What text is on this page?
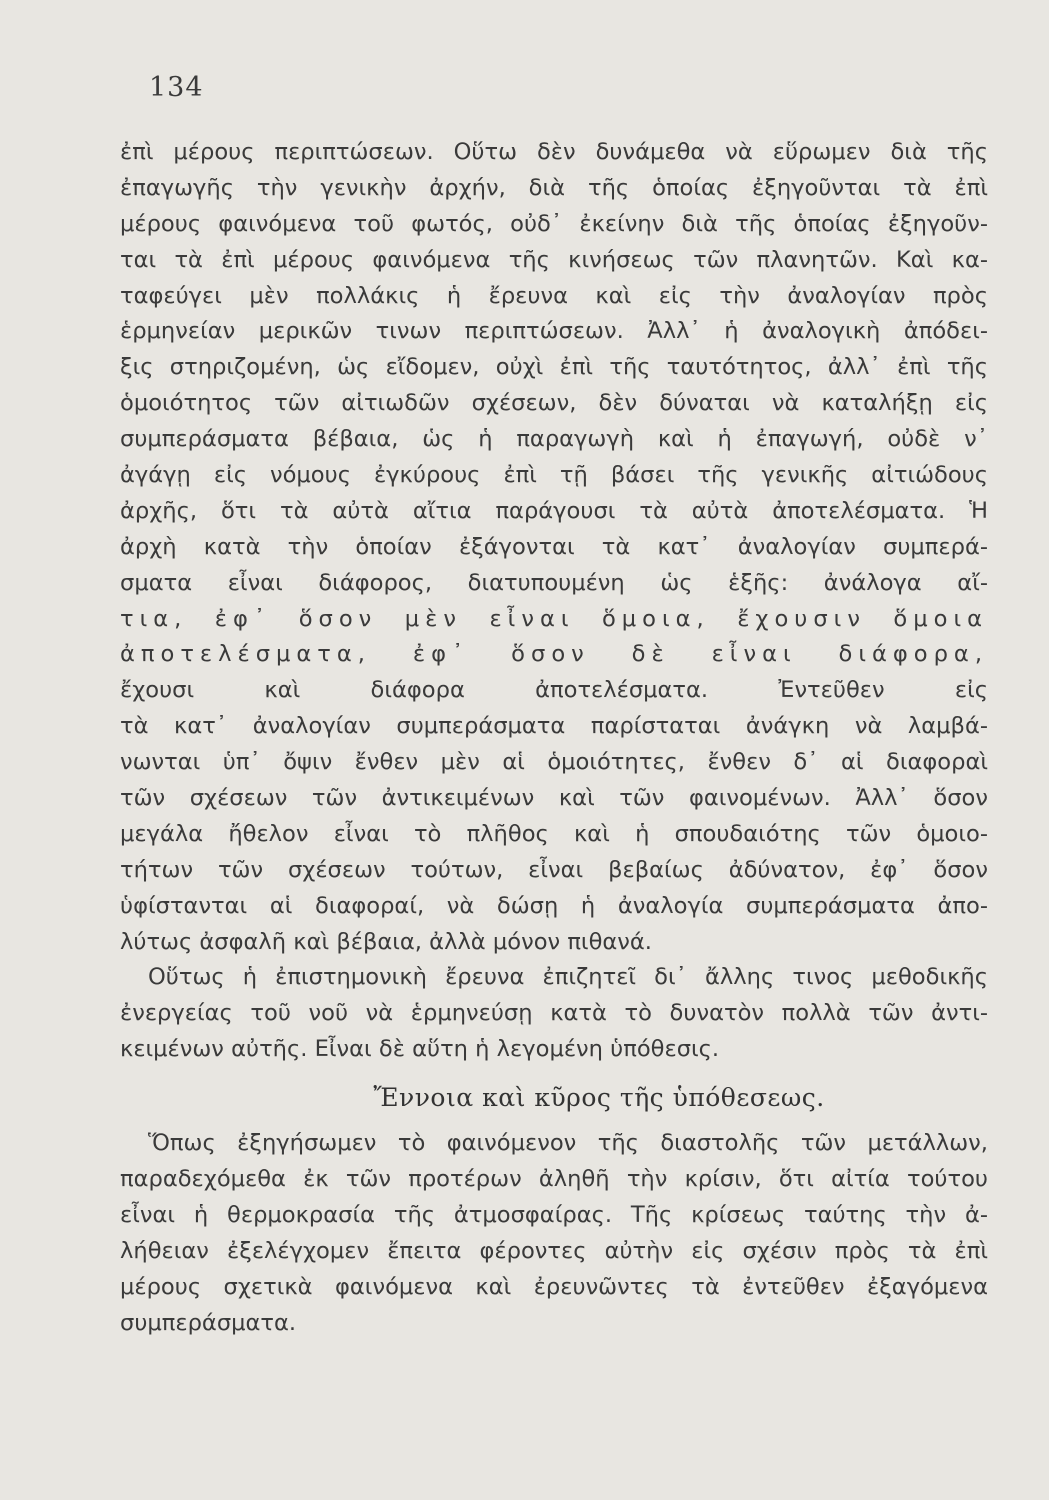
134
ἐπὶ μέρους περιπτώσεων. Οὕτω δὲν δυνάμεθα νὰ εὕρωμεν διὰ τῆς
ἐπαγωγῆς τὴν γενικὴν ἀρχήν, διὰ τῆς ὁποίας ἐξηγοῦνται τὰ ἐπὶ
μέρους φαινόμενα τοῦ φωτός, οὐδ᾽ ἐκείνην διὰ τῆς ὁποίας ἐξηγοῦν-
ται τὰ ἐπὶ μέρους φαινόμενα τῆς κινήσεως τῶν πλανητῶν. Καὶ κα-
ταφεύγει μὲν πολλάκις ἡ ἔρευνα καὶ εἰς τὴν ἀναλογίαν πρὸς
ἑρμηνείαν μερικῶν τινων περιπτώσεων. Ἀλλ᾽ ἡ ἀναλογικὴ ἀπόδει-
ξις στηριζομένη, ὡς εἴδομεν, οὐχὶ ἐπὶ τῆς ταυτότητος, ἀλλ᾽ ἐπὶ τῆς
ὁμοιότητος τῶν αἰτιωδῶν σχέσεων, δὲν δύναται νὰ καταλήξῃ εἰς
συμπεράσματα βέβαια, ὡς ἡ παραγωγὴ καὶ ἡ ἐπαγωγή, οὐδὲ ν᾽
ἀγάγῃ εἰς νόμους ἐγκύρους ἐπὶ τῇ βάσει τῆς γενικῆς αἰτιώδους
ἀρχῆς, ὅτι τὰ αὐτὰ αἴτια παράγουσι τὰ αὐτὰ ἀποτελέσματα. Ἡ
ἀρχὴ κατὰ τὴν ὁποίαν ἐξάγονται τὰ κατ᾽ ἀναλογίαν συμπερά-
σματα εἶναι διάφορος, διατυπουμένη ὡς ἑξῆς: ἀνάλογα αἴ-
τια, ἐφ᾽ ὅσον μὲν εἶναι ὅμοια, ἔχουσιν ὅμοια
ἀποτελέσματα, ἐφ᾽ ὅσον δὲ εἶναι διάφορα,
ἔχουσι καὶ διάφορα ἀποτελέσματα. Ἐντεῦθεν εἰς
τὰ κατ᾽ ἀναλογίαν συμπεράσματα παρίσταται ἀνάγκη νὰ λαμβά-
νωνται ὑπ᾽ ὄψιν ἔνθεν μὲν αἱ ὁμοιότητες, ἔνθεν δ᾽ αἱ διαφοραὶ
τῶν σχέσεων τῶν ἀντικειμένων καὶ τῶν φαινομένων. Ἀλλ᾽ ὅσον
μεγάλα ἤθελον εἶναι τὸ πλῆθος καὶ ἡ σπουδαιότης τῶν ὁμοιο-
τήτων τῶν σχέσεων τούτων, εἶναι βεβαίως ἀδύνατον, ἐφ᾽ ὅσον
ὑφίστανται αἱ διαφοραί, νὰ δώσῃ ἡ ἀναλογία συμπεράσματα ἀπο-
λύτως ἀσφαλῆ καὶ βέβαια, ἀλλὰ μόνον πιθανά.
Οὕτως ἡ ἐπιστημονικὴ ἔρευνα ἐπιζητεῖ δι᾽ ἄλλης τινος μεθοδικῆς
ἐνεργείας τοῦ νοῦ νὰ ἑρμηνεύσῃ κατὰ τὸ δυνατὸν πολλὰ τῶν ἀντι-
κειμένων αὐτῆς. Εἶναι δὲ αὕτη ἡ λεγομένη ὑπόθεσις.
Ἔννοια καὶ κῦρος τῆς ὑπόθεσεως.
Ὅπως ἐξηγήσωμεν τὸ φαινόμενον τῆς διαστολῆς τῶν μετάλλων,
παραδεχόμεθα ἐκ τῶν προτέρων ἀληθῆ τὴν κρίσιν, ὅτι αἰτία τούτου
εἶναι ἡ θερμοκρασία τῆς ἀτμοσφαίρας. Τῆς κρίσεως ταύτης τὴν ἀ-
λήθειαν ἐξελέγχομεν ἔπειτα φέροντες αὐτὴν εἰς σχέσιν πρὸς τὰ ἐπὶ
μέρους σχετικὰ φαινόμενα καὶ ἐρευνῶντες τὰ ἐντεῦθεν ἐξαγόμενα
συμπεράσματα.
